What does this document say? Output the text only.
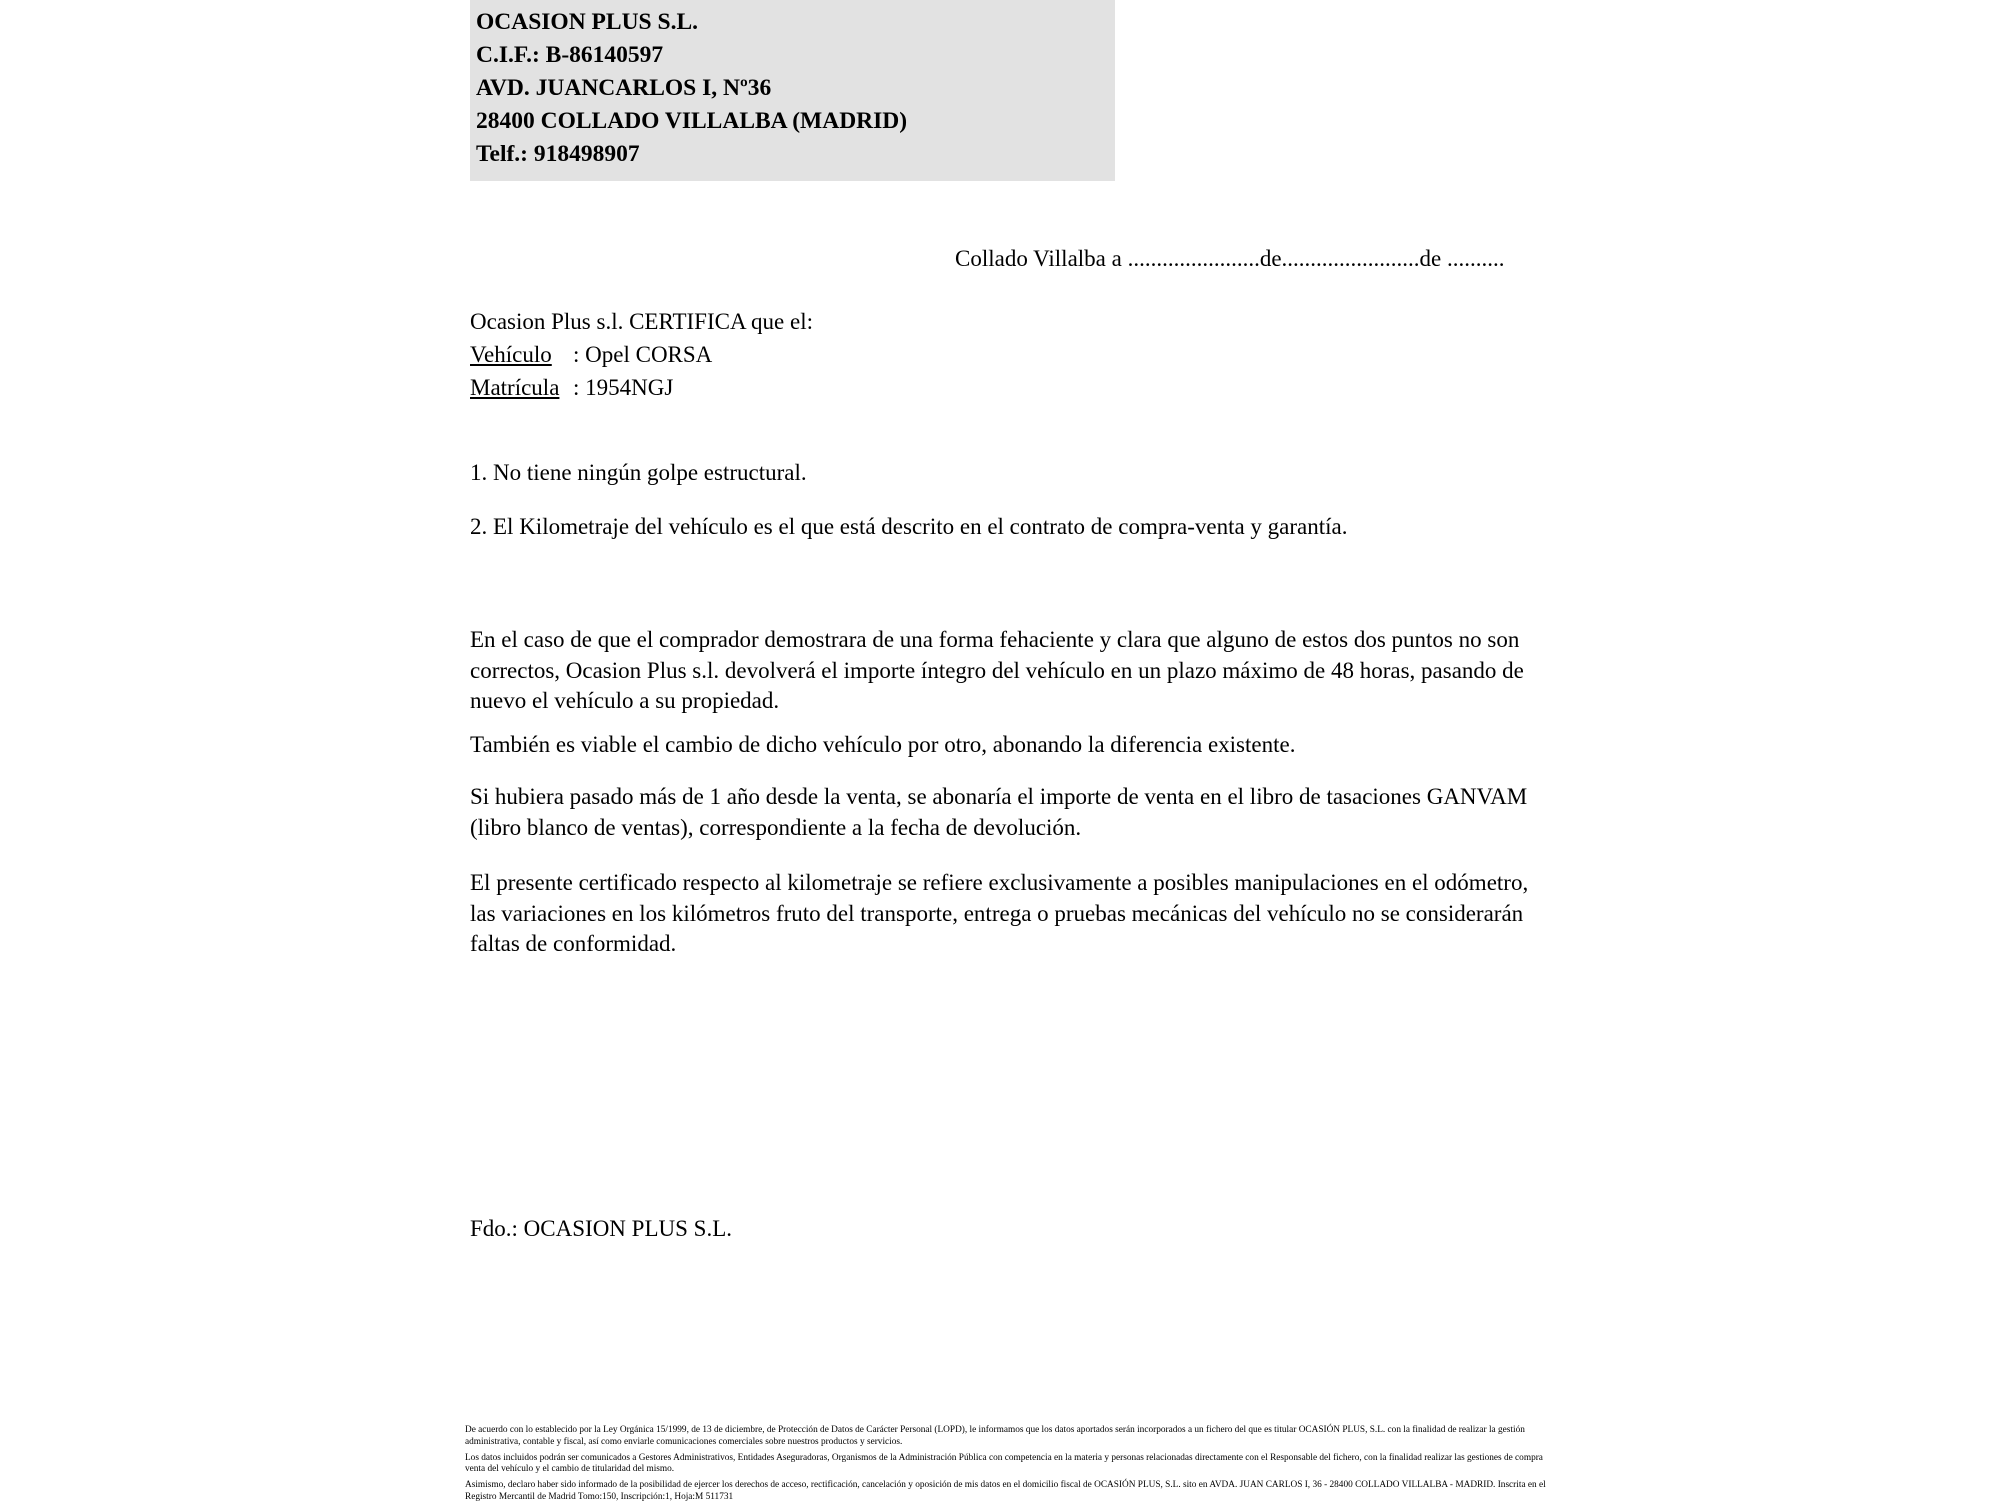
OCASION PLUS S.L.
C.I.F.: B-86140597
AVD. JUANCARLOS I, Nº36
28400 COLLADO VILLALBA (MADRID)
Telf.: 918498907
Collado Villalba a .......................de........................de ..........
Ocasion Plus s.l. CERTIFICA que el:
Vehículo : Opel CORSA
Matrícula : 1954NGJ
1. No tiene ningún golpe estructural.
2. El Kilometraje del vehículo es el que está descrito en el contrato de compra-venta y garantía.
En el caso de que el comprador demostrara de una forma fehaciente y clara que alguno de estos dos puntos no son correctos, Ocasion Plus s.l. devolverá el importe íntegro del vehículo en un plazo máximo de 48 horas, pasando de nuevo el vehículo a su propiedad.
También es viable el cambio de dicho vehículo por otro, abonando la diferencia existente.
Si hubiera pasado más de 1 año desde la venta, se abonaría el importe de venta en el libro de tasaciones GANVAM (libro blanco de ventas), correspondiente a la fecha de devolución.
El presente certificado respecto al kilometraje se refiere exclusivamente a posibles manipulaciones en el odómetro, las variaciones en los kilómetros fruto del transporte, entrega o pruebas mecánicas del vehículo no se considerarán faltas de conformidad.
Fdo.: OCASION PLUS S.L.

De acuerdo con lo establecido por la Ley Orgánica 15/1999, de 13 de diciembre, de Protección de Datos de Carácter Personal (LOPD), le informamos que los datos aportados serán incorporados a un fichero del que es titular OCASIÓN PLUS, S.L. con la finalidad de realizar la gestión administrativa, contable y fiscal, así como enviarle comunicaciones comerciales sobre nuestros productos y servicios.

Los datos incluidos podrán ser comunicados a Gestores Administrativos, Entidades Aseguradoras, Organismos de la Administración Pública con competencia en la materia y personas relacionadas directamente con el Responsable del fichero, con la finalidad realizar las gestiones de compra venta del vehículo y el cambio de titularidad del mismo.

Asimismo, declaro haber sido informado de la posibilidad de ejercer los derechos de acceso, rectificación, cancelación y oposición de mis datos en el domicilio fiscal de OCASIÓN PLUS, S.L. sito en AVDA. JUAN CARLOS I, 36 - 28400 COLLADO VILLALBA - MADRID. Inscrita en el Registro Mercantil de Madrid Tomo:150, Inscripción:1, Hoja:M 511731
